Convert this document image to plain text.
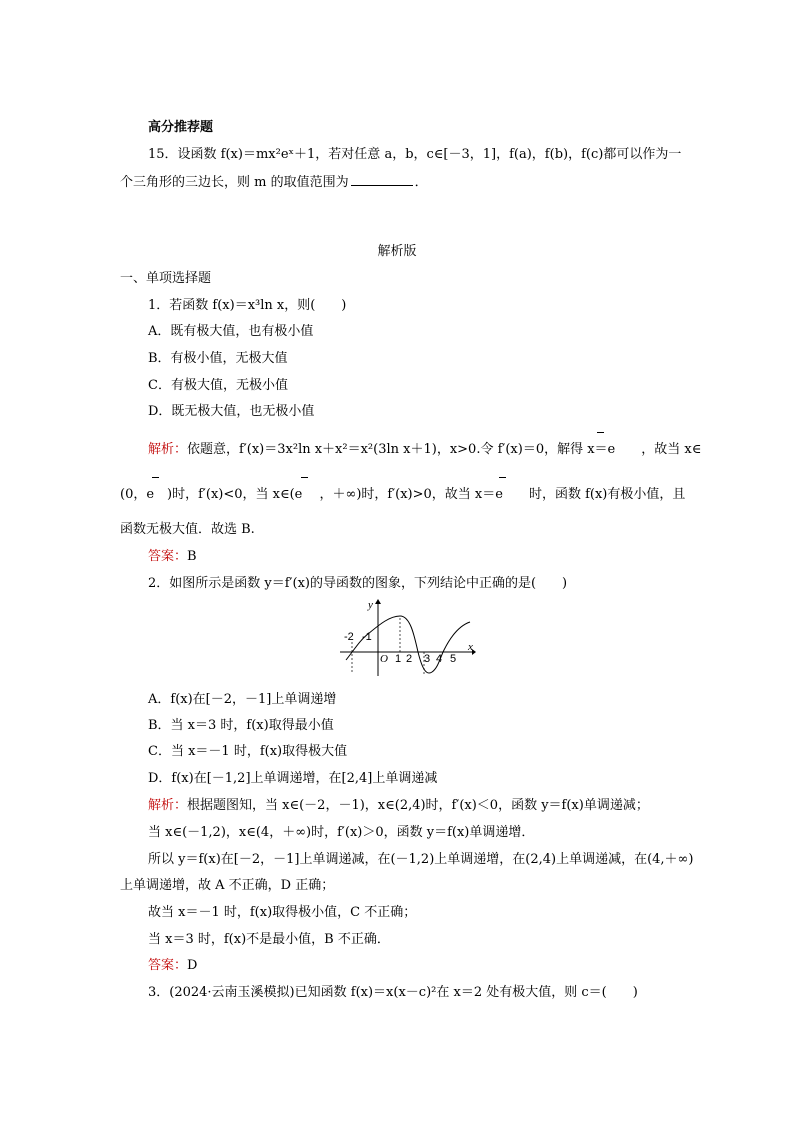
高分推荐题
15．设函数 f(x)＝mx²eˣ＋1，若对任意 a，b，c∈[－3，1]，f(a)，f(b)，f(c)都可以作为一
个三角形的三边长，则 m 的取值范围为	．
解析版
一、单项选择题
1．若函数 f(x)＝x³ln x，则(　　)
A．既有极大值，也有极小值
B．有极小值，无极大值
C．有极大值，无极小值
D．既无极大值，也无极小值
解析：依题意，f′(x)＝3x²ln x＋x²＝x²(3ln x＋1)，x>0.令 f′(x)＝0，解得 x＝e　　，故当 x∈
(0，e　)时，f′(x)<0，当 x∈(e　 ，＋∞)时，f′(x)>0，故当 x＝e　　时，函数 f(x)有极小值，且
函数无极大值．故选 B.
答案：B
2．如图所示是函数 y＝f′(x)的导函数的图象，下列结论中正确的是(　　)
y
x
O
-2 -1
1 2 3 4 5
A．f(x)在[－2，－1]上单调递增
B．当 x＝3 时，f(x)取得最小值
C．当 x＝－1 时，f(x)取得极大值
D．f(x)在[－1,2]上单调递增，在[2,4]上单调递减
解析：根据题图知，当 x∈(－2，－1)，x∈(2,4)时，f′(x)＜0，函数 y＝f(x)单调递减；
当 x∈(－1,2)，x∈(4，＋∞)时，f′(x)＞0，函数 y＝f(x)单调递增．
所以 y＝f(x)在[－2，－1]上单调递减，在(－1,2)上单调递增，在(2,4)上单调递减，在(4,＋∞)
上单调递增，故 A 不正确，D 正确；
故当 x＝－1 时，f(x)取得极小值，C 不正确；
当 x＝3 时，f(x)不是最小值，B 不正确．
答案：D
3．(2024·云南玉溪模拟)已知函数 f(x)＝x(x－c)²在 x＝2 处有极大值，则 c＝(　　)
